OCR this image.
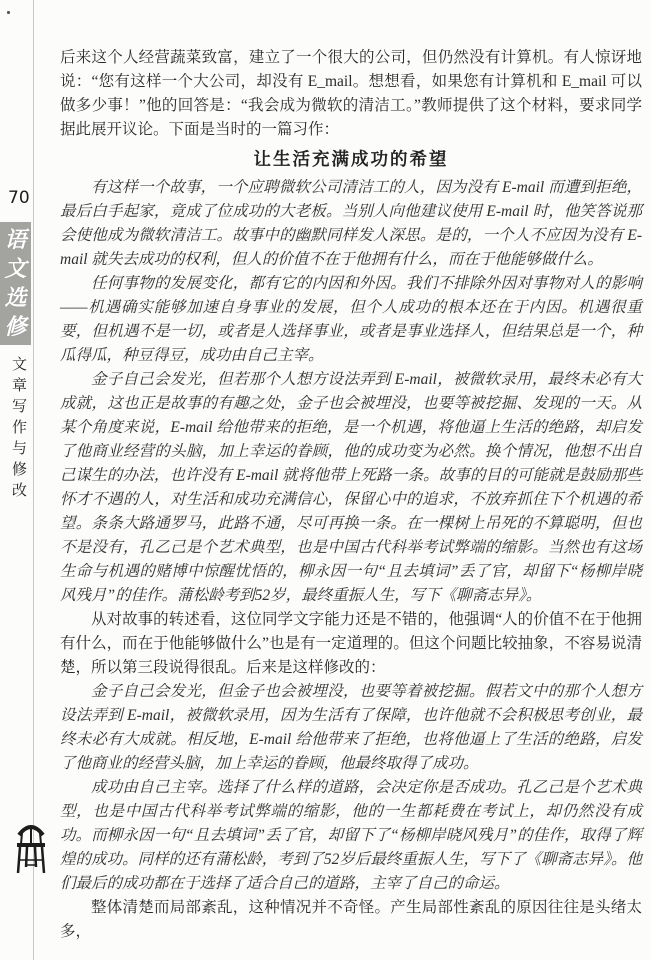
70
语
文
选
修
文章写作与修改

后来这个人经营蔬菜致富，建立了一个很大的公司，但仍然没有计算机。有人惊讶地说：“您有这样一个大公司，却没有 E_mail。想想看，如果您有计算机和 E_mail 可以做多少事！”他的回答是：“我会成为微软的清洁工。”教师提供了这个材料，要求同学据此展开议论。下面是当时的一篇习作：

让生活充满成功的希望

有这样一个故事，一个应聘微软公司清洁工的人，因为没有 E-mail 而遭到拒绝，最后白手起家，竟成了位成功的大老板。当别人向他建议使用 E-mail 时，他笑答说那会使他成为微软清洁工。故事中的幽默同样发人深思。是的，一个人不应因为没有 E-mail 就失去成功的权利，但人的价值不在于他拥有什么，而在于他能够做什么。

任何事物的发展变化，都有它的内因和外因。我们不排除外因对事物对人的影响——机遇确实能够加速自身事业的发展，但个人成功的根本还在于内因。机遇很重要，但机遇不是一切，或者是人选择事业，或者是事业选择人，但结果总是一个，种瓜得瓜，种豆得豆，成功由自己主宰。

金子自己会发光，但若那个人想方设法弄到 E-mail，被微软录用，最终未必有大成就，这也正是故事的有趣之处，金子也会被埋没，也要等被挖掘、发现的一天。从某个角度来说，E-mail 给他带来的拒绝，是一个机遇，将他逼上生活的绝路，却启发了他商业经营的头脑，加上幸运的眷顾，他的成功变为必然。换个情况，他想不出自己谋生的办法，也许没有 E-mail 就将他带上死路一条。故事的目的可能就是鼓励那些怀才不遇的人，对生活和成功充满信心，保留心中的追求，不放弃抓住下个机遇的希望。条条大路通罗马，此路不通，尽可再换一条。在一棵树上吊死的不算聪明，但也不是没有，孔乙己是个艺术典型，也是中国古代科举考试弊端的缩影。当然也有这场生命与机遇的赌博中惊醒忧悟的，柳永因一句“且去填词”丢了官，却留下“杨柳岸晓风残月”的佳作。蒲松龄考到52岁，最终重振人生，写下《聊斋志异》。

从对故事的转述看，这位同学文字能力还是不错的，他强调“人的价值不在于他拥有什么，而在于他能够做什么”也是有一定道理的。但这个问题比较抽象，不容易说清楚，所以第三段说得很乱。后来是这样修改的：

金子自己会发光，但金子也会被埋没，也要等着被挖掘。假若文中的那个人想方设法弄到 E-mail，被微软录用，因为生活有了保障，也许他就不会积极思考创业，最终未必有大成就。相反地，E-mail 给他带来了拒绝，也将他逼上了生活的绝路，启发了他商业的经营头脑，加上幸运的眷顾，他最终取得了成功。

成功由自己主宰。选择了什么样的道路，会决定你是否成功。孔乙己是个艺术典型，也是中国古代科举考试弊端的缩影，他的一生都耗费在考试上，却仍然没有成功。而柳永因一句“且去填词”丢了官，却留下了“杨柳岸晓风残月”的佳作，取得了辉煌的成功。同样的还有蒲松龄，考到了52岁后最终重振人生，写下了《聊斋志异》。他们最后的成功都在于选择了适合自己的道路，主宰了自己的命运。

整体清楚而局部紊乱，这种情况并不奇怪。产生局部性紊乱的原因往往是头绪太多，
